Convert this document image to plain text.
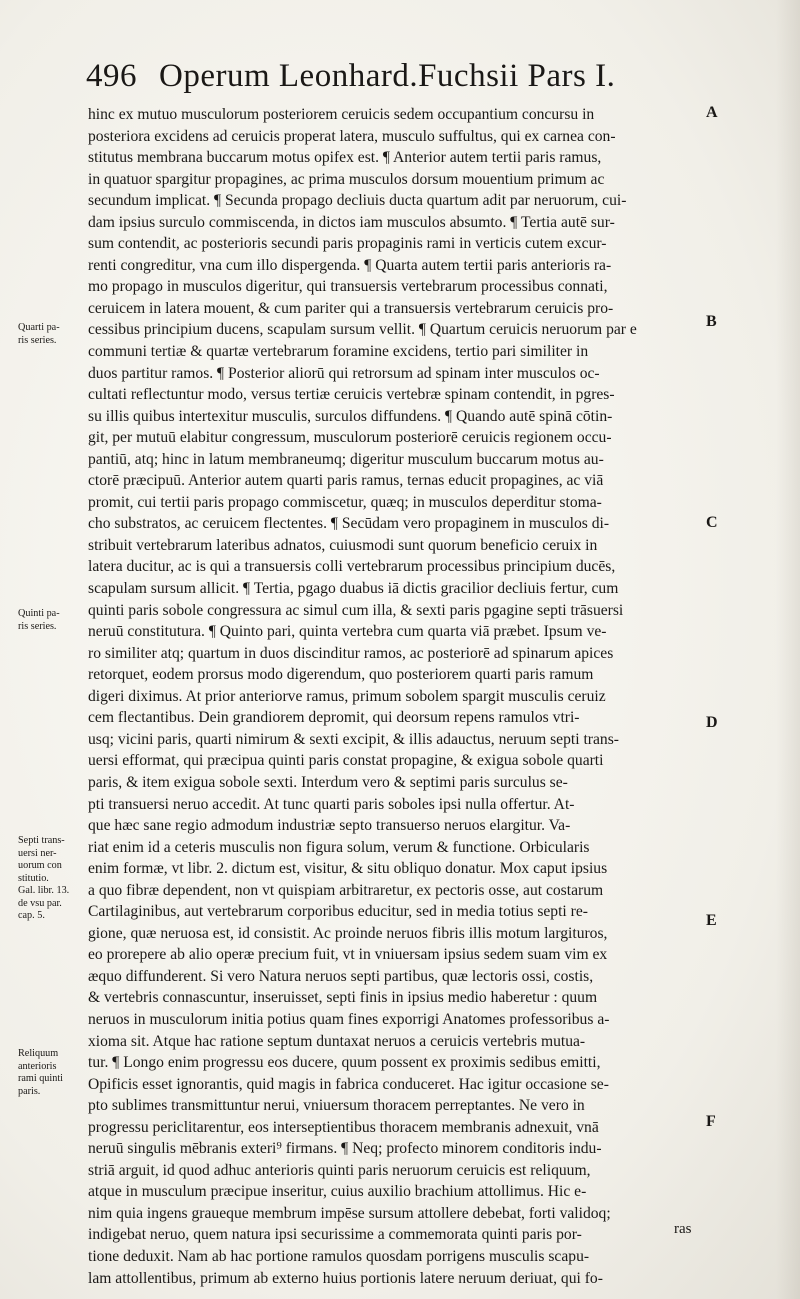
496 Operum Leonhard.Fuchsii Pars I.
hinc ex mutuo musculorum posteriorem ceruicis sedem occupantium concursu in
posteriora excidens ad ceruicis properat latera, musculo suffultus, qui ex carnea con-
stitutus membrana buccarum motus opifex est. ¶ Anterior autem tertii paris ramus,
in quatuor spargitur propagines, ac prima musculos dorsum mouentium primum ac
secundum implicat. ¶ Secunda propago decliuis ducta quartum adit par neruorum, cui-
dam ipsius surculo commiscenda, in dictos iam musculos absumto. ¶ Tertia autē sur-
sum contendit, ac posterioris secundi paris propaginis rami in verticis cutem excur-
renti congreditur, vna cum illo dispergenda. ¶ Quarta autem tertii paris anterioris ra-
mo propago in musculos digeritur, qui transuersis vertebrarum processibus connati,
ceruicem in latera mouent, & cum pariter qui a transuersis vertebrarum ceruicis pro-
cessibus principium ducens, scapulam sursum vellit. ¶ Quartum ceruicis neruorum par e
communi tertiæ & quartæ vertebrarum foramine excidens, tertio pari similiter in
duos partitur ramos. ¶ Posterior aliorū qui retrorsum ad spinam inter musculos oc-
cultati reflectuntur modo, versus tertiæ ceruicis vertebræ spinam contendit, in pgres-
su illis quibus intertexitur musculis, surculos diffundens. ¶ Quando autē spinā cōtin-
git, per mutuū elabitur congressum, musculorum posteriorē ceruicis regionem occu-
pantiū, atq; hinc in latum membraneumq; digeritur musculum buccarum motus au-
ctorē præcipuū. Anterior autem quarti paris ramus, ternas educit propagines, ac viā
promit, cui tertii paris propago commiscetur, quæq; in musculos deperditur stoma-
cho substratos, ac ceruicem flectentes. ¶ Secūdam vero propaginem in musculos di-
stribuit vertebrarum lateribus adnatos, cuiusmodi sunt quorum beneficio ceruix in
latera ducitur, ac is qui a transuersis colli vertebrarum processibus principium ducēs,
scapulam sursum allicit. ¶ Tertia, pgago duabus iā dictis gracilior decliuis fertur, cum
quinti paris sobole congressura ac simul cum illa, & sexti paris pgagine septi trāsuersi
neruū constitutura. ¶ Quinto pari, quinta vertebra cum quarta viā præbet. Ipsum ve-
ro similiter atq; quartum in duos discinditur ramos, ac posteriorē ad spinarum apices
retorquet, eodem prorsus modo digerendum, quo posteriorem quarti paris ramum
digeri diximus. At prior anteriorve ramus, primum sobolem spargit musculis ceruiz
cem flectantibus. Dein grandiorem depromit, qui deorsum repens ramulos vtri-
usq; vicini paris, quarti nimirum & sexti excipit, & illis adauctus, neruum septi trans-
uersi efformat, qui præcipua quinti paris constat propagine, & exigua sobole quarti
paris, & item exigua sobole sexti. Interdum vero & septimi paris surculus se-
pti transuersi neruo accedit. At tunc quarti paris soboles ipsi nulla offertur. At-
que hæc sane regio admodum industriæ septo transuerso neruos elargitur. Va-
riat enim id a ceteris musculis non figura solum, verum & functione. Orbicularis
enim formæ, vt libr. 2. dictum est, visitur, & situ obliquo donatur. Mox caput ipsius
a quo fibræ dependent, non vt quispiam arbitraretur, ex pectoris osse, aut costarum
Cartilaginibus, aut vertebrarum corporibus educitur, sed in media totius septi re-
gione, quæ neruosa est, id consistit. Ac proinde neruos fibris illis motum largituros,
eo prorepere ab alio operæ precium fuit, vt in vniuersam ipsius sedem suam vim ex
æquo diffunderent. Si vero Natura neruos septi partibus, quæ lectoris ossi, costis,
& vertebris connascuntur, inseruisset, septi finis in ipsius medio haberetur : quum
neruos in musculorum initia potius quam fines exporrigi Anatomes professoribus a-
xioma sit. Atque hac ratione septum duntaxat neruos a ceruicis vertebris mutua-
tur. ¶ Longo enim progressu eos ducere, quum possent ex proximis sedibus emitti,
Opificis esset ignorantis, quid magis in fabrica conduceret. Hac igitur occasione se-
pto sublimes transmittuntur nerui, vniuersum thoracem perreptantes. Ne vero in
progressu periclitarentur, eos interseptientibus thoracem membranis adnexuit, vnā
neruū singulis mēbranis exteri⁹ firmans. ¶ Neq; profecto minorem conditoris indu-
striā arguit, id quod adhuc anterioris quinti paris neruorum ceruicis est reliquum,
atque in musculum præcipue inseritur, cuius auxilio brachium attollimus. Hic e-
nim quia ingens graueque membrum impēse sursum attollere debebat, forti validoq;
indigebat neruo, quem natura ipsi securissime a commemorata quinti paris por-
tione deduxit. Nam ab hac portione ramulos quosdam porrigens musculis scapu-
lam attollentibus, primum ab externo huius portionis latere neruum deriuat, qui fo-
Quarti pa-
ris series.
Quinti pa-
ris series.
Septi trans-
uersi ner-
uorum con
stitutio.
Gal. libr. 13.
de vsu par.
cap. 5.
Reliquum
anterioris
rami quinti
paris.
A
B
C
D
E
F
ras
